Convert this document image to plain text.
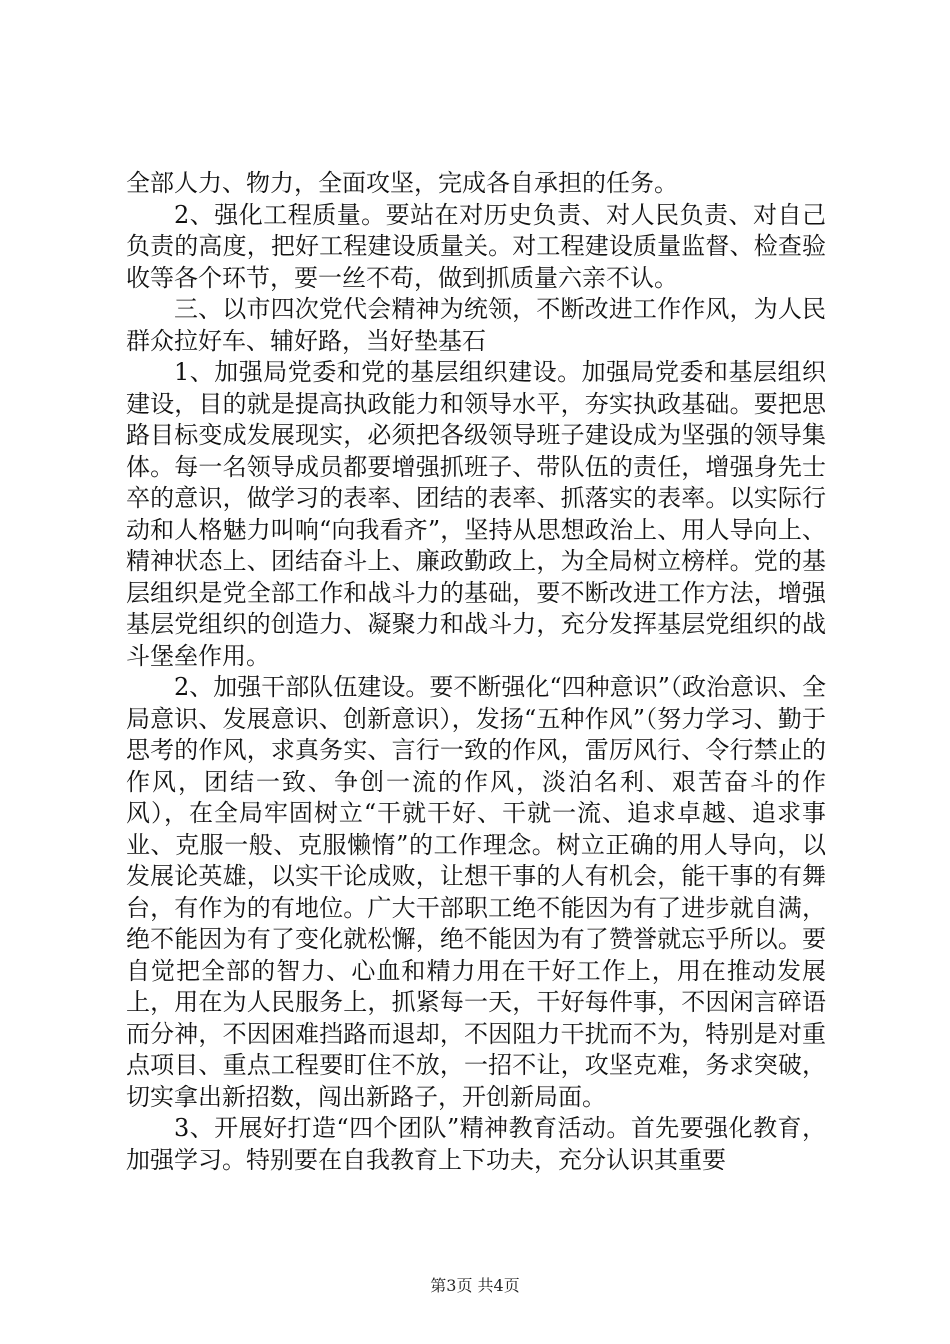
全部人力、物力，全面攻坚，完成各自承担的任务。

2、强化工程质量。要站在对历史负责、对人民负责、对自己负责的高度，把好工程建设质量关。对工程建设质量监督、检查验收等各个环节，要一丝不苟，做到抓质量六亲不认。

三、以市四次党代会精神为统领，不断改进工作作风，为人民群众拉好车、辅好路，当好垫基石

1、加强局党委和党的基层组织建设。加强局党委和基层组织建设，目的就是提高执政能力和领导水平，夯实执政基础。要把思路目标变成发展现实，必须把各级领导班子建设成为坚强的领导集体。每一名领导成员都要增强抓班子、带队伍的责任，增强身先士卒的意识，做学习的表率、团结的表率、抓落实的表率。以实际行动和人格魅力叫响“向我看齐”，坚持从思想政治上、用人导向上、精神状态上、团结奋斗上、廉政勤政上，为全局树立榜样。党的基层组织是党全部工作和战斗力的基础，要不断改进工作方法，增强基层党组织的创造力、凝聚力和战斗力，充分发挥基层党组织的战斗堡垒作用。

2、加强干部队伍建设。要不断强化“四种意识”（政治意识、全局意识、发展意识、创新意识），发扬“五种作风”（努力学习、勤于思考的作风，求真务实、言行一致的作风，雷厉风行、令行禁止的作风，团结一致、争创一流的作风，淡泊名利、艰苦奋斗的作风），在全局牢固树立“干就干好、干就一流、追求卓越、追求事业、克服一般、克服懒惰”的工作理念。树立正确的用人导向，以发展论英雄，以实干论成败，让想干事的人有机会，能干事的有舞台，有作为的有地位。广大干部职工绝不能因为有了进步就自满，绝不能因为有了变化就松懈，绝不能因为有了赞誉就忘乎所以。要自觉把全部的智力、心血和精力用在干好工作上，用在推动发展上，用在为人民服务上，抓紧每一天，干好每件事，不因闲言碎语而分神，不因困难挡路而退却，不因阻力干扰而不为，特别是对重点项目、重点工程要盯住不放，一招不让，攻坚克难，务求突破，切实拿出新招数，闯出新路子，开创新局面。

3、开展好打造“四个团队”精神教育活动。首先要强化教育，加强学习。特别要在自我教育上下功夫，充分认识其重要

第3页 共4页
